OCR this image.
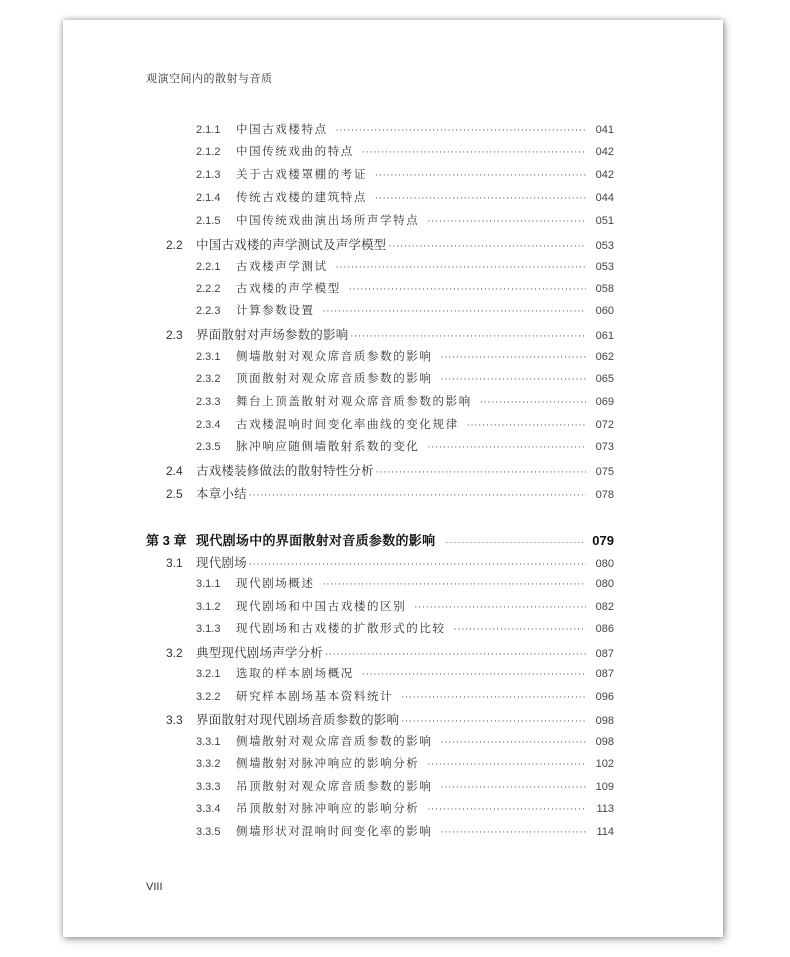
观演空间内的散射与音质
2.1.1	中国古戏楼特点 ·····	041
2.1.2	中国传统戏曲的特点 ·····	042
2.1.3	关于古戏楼罩棚的考证 ·····	042
2.1.4	传统古戏楼的建筑特点 ·····	044
2.1.5	中国传统戏曲演出场所声学特点 ·····	051
2.2	中国古戏楼的声学测试及声学模型 ·····	053
2.2.1	古戏楼声学测试 ·····	053
2.2.2	古戏楼的声学模型 ·····	058
2.2.3	计算参数设置 ·····	060
2.3	界面散射对声场参数的影响 ·····	061
2.3.1	侧墙散射对观众席音质参数的影响 ·····	062
2.3.2	顶面散射对观众席音质参数的影响 ·····	065
2.3.3	舞台上顶盖散射对观众席音质参数的影响 ·····	069
2.3.4	古戏楼混响时间变化率曲线的变化规律 ·····	072
2.3.5	脉冲响应随侧墙散射系数的变化 ·····	073
2.4	古戏楼装修做法的散射特性分析 ·····	075
2.5	本章小结 ·····	078
第 3 章 现代剧场中的界面散射对音质参数的影响 ·····	079
3.1	现代剧场 ·····	080
3.1.1	现代剧场概述 ·····	080
3.1.2	现代剧场和中国古戏楼的区别 ·····	082
3.1.3	现代剧场和古戏楼的扩散形式的比较 ·····	086
3.2	典型现代剧场声学分析 ·····	087
3.2.1	选取的样本剧场概况 ·····	087
3.2.2	研究样本剧场基本资料统计 ·····	096
3.3	界面散射对现代剧场音质参数的影响 ·····	098
3.3.1	侧墙散射对观众席音质参数的影响 ·····	098
3.3.2	侧墙散射对脉冲响应的影响分析 ·····	102
3.3.3	吊顶散射对观众席音质参数的影响 ·····	109
3.3.4	吊顶散射对脉冲响应的影响分析 ·····	113
3.3.5	侧墙形状对混响时间变化率的影响 ·····	114
VIII
